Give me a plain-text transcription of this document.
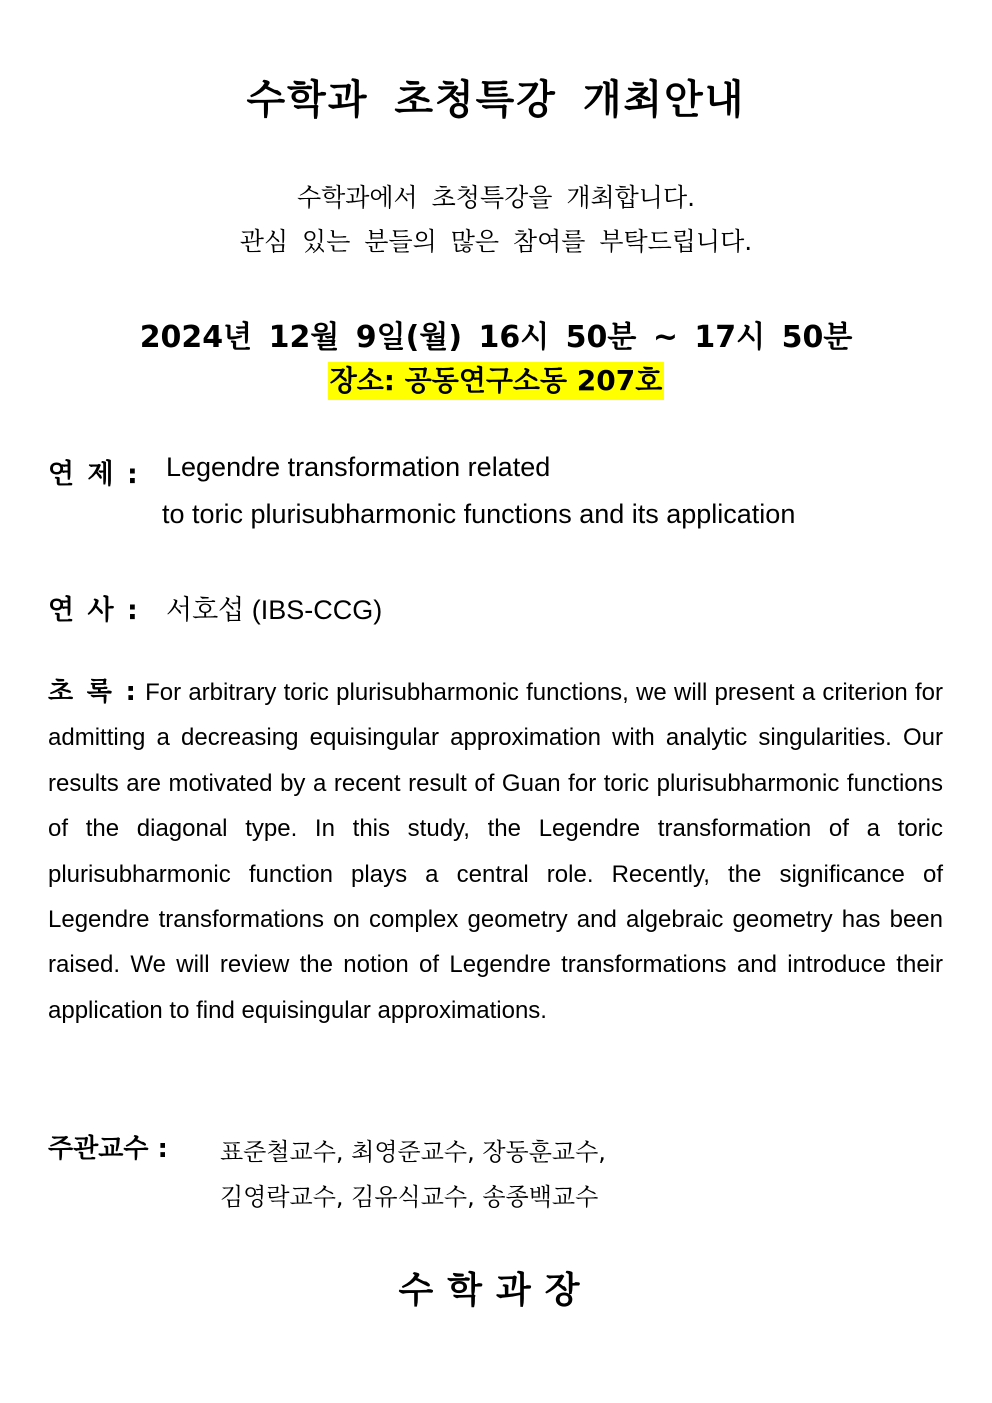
수학과 초청특강 개최안내
수학과에서 초청특강을 개최합니다.
관심 있는 분들의 많은 참여를 부탁드립니다.
2024년 12월 9일(월) 16시 50분 ~ 17시 50분
장소: 공동연구소동 207호
연 제 : Legendre transformation related
to toric plurisubharmonic functions and its application
연 사 : 서호섭 (IBS-CCG)
초 록 : For arbitrary toric plurisubharmonic functions, we will present a criterion for admitting a decreasing equisingular approximation with analytic singularities. Our results are motivated by a recent result of Guan for toric plurisubharmonic functions of the diagonal type. In this study, the Legendre transformation of a toric plurisubharmonic function plays a central role. Recently, the significance of Legendre transformations on complex geometry and algebraic geometry has been raised. We will review the notion of Legendre transformations and introduce their application to find equisingular approximations.
주관교수 : 표준철교수, 최영준교수, 장동훈교수,
김영락교수, 김유식교수, 송종백교수
수학과장
